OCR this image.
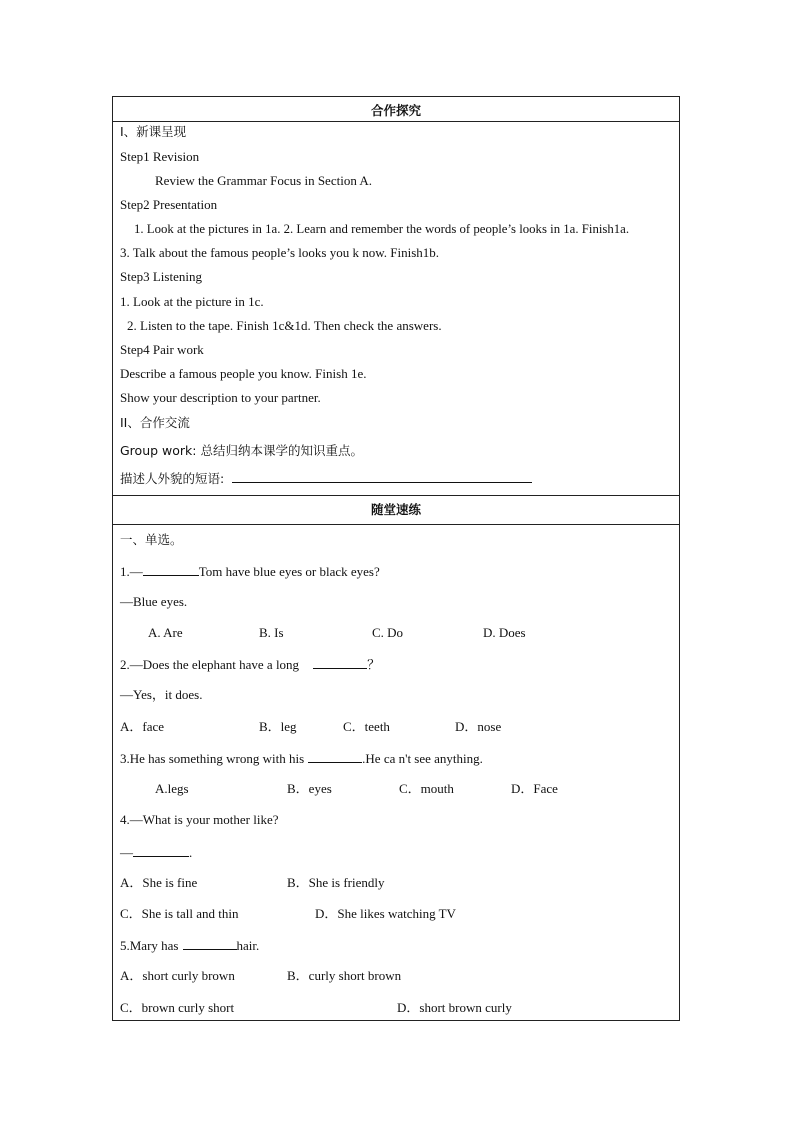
合作探究
I、新课呈现
Step1 Revision
Review the Grammar Focus in Section A.
Step2 Presentation
1. Look at the pictures in 1a. 2. Learn and remember the words of people’s looks in 1a. Finish1a.
3. Talk about the famous people’s looks you k now. Finish1b.
Step3 Listening
1. Look at the picture in 1c.
2. Listen to the tape. Finish 1c&1d. Then check the answers.
Step4 Pair work
Describe a famous people you know. Finish 1e.
Show your description to your partner.
II、合作交流
Group work: 总结归纳本课学的知识重点。
描述人外貌的短语:
随堂速练
一、单选。
1.—	Tom have blue eyes or black eyes?
—Blue eyes.
A. Are	B. Is	C. Do	D. Does
2.—Does the elephant have a long	？
—Yes，it does.
A．face	B．leg	C．teeth	D．nose
3.He has something wrong with his	.He ca n't see anything.
A.legs	B．eyes	C．mouth	D．Face
4.—What is your mother like?
—	.
A．She is fine	B．She is friendly
C．She is tall and thin	D．She likes watching TV
5.Mary has	hair.
A．short curly brown	B．curly short brown
C．brown curly short	D．short brown curly
